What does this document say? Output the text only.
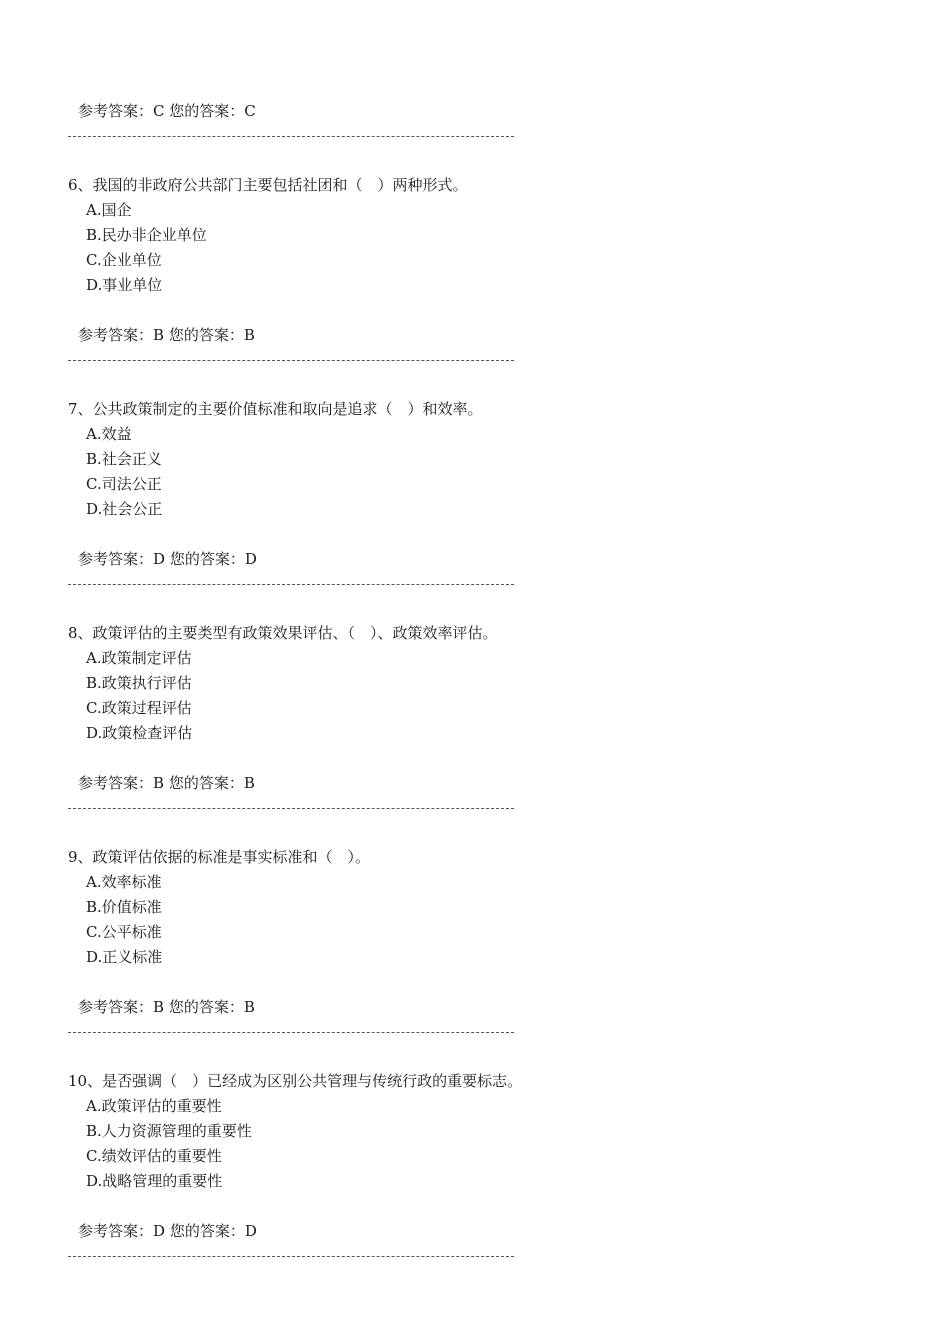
参考答案：C 您的答案：C
6、我国的非政府公共部门主要包括社团和（　）两种形式。
A.国企
B.民办非企业单位
C.企业单位
D.事业单位
参考答案：B 您的答案：B
7、公共政策制定的主要价值标准和取向是追求（　）和效率。
A.效益
B.社会正义
C.司法公正
D.社会公正
参考答案：D 您的答案：D
8、政策评估的主要类型有政策效果评估、（　）、政策效率评估。
A.政策制定评估
B.政策执行评估
C.政策过程评估
D.政策检查评估
参考答案：B 您的答案：B
9、政策评估依据的标准是事实标准和（　）。
A.效率标准
B.价值标准
C.公平标准
D.正义标准
参考答案：B 您的答案：B
10、是否强调（　）已经成为区别公共管理与传统行政的重要标志。
A.政策评估的重要性
B.人力资源管理的重要性
C.绩效评估的重要性
D.战略管理的重要性
参考答案：D 您的答案：D
